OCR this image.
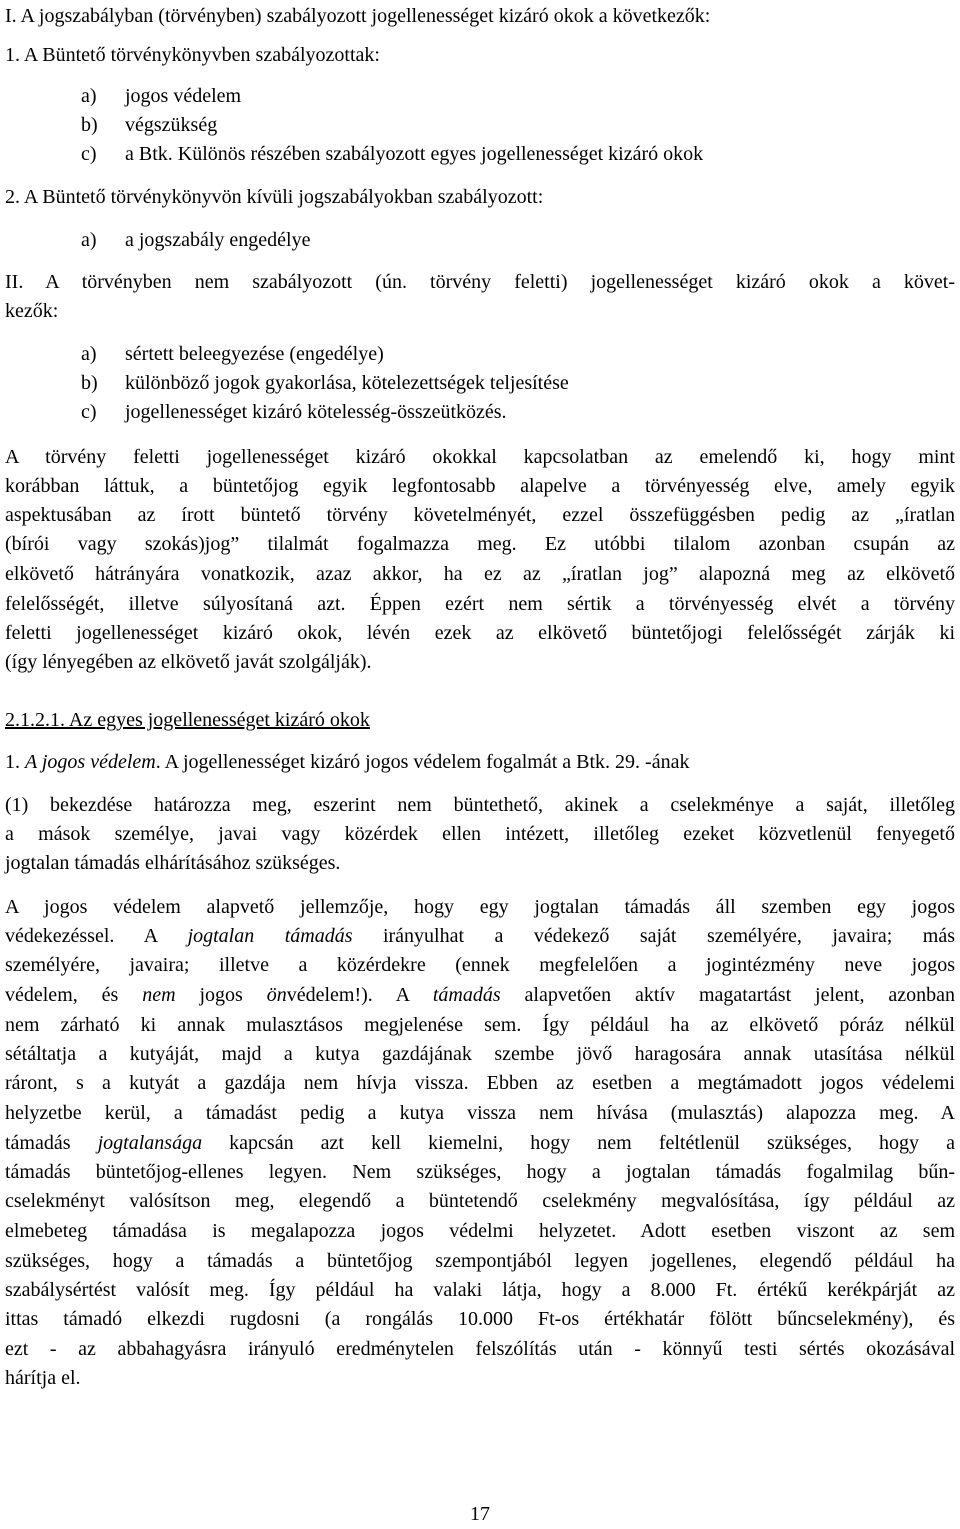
I. A jogszabályban (törvényben) szabályozott jogellenességet kizáró okok a következők:
1. A Büntető törvénykönyvben szabályozottak:
a) jogos védelem
b) végszükség
c) a Btk. Különös részében szabályozott egyes jogellenességet kizáró okok
2. A Büntető törvénykönyvön kívüli jogszabályokban szabályozott:
a) a jogszabály engedélye
II. A törvényben nem szabályozott (ún. törvény feletti) jogellenességet kizáró okok a követ-
kezők:
a) sértett beleegyezése (engedélye)
b) különböző jogok gyakorlása, kötelezettségek teljesítése
c) jogellenességet kizáró kötelesség-összeütközés.
A törvény feletti jogellenességet kizáró okokkal kapcsolatban az emelendő ki, hogy mint
korábban láttuk, a büntetőjog egyik legfontosabb alapelve a törvényesség elve, amely egyik
aspektusában az írott büntető törvény követelményét, ezzel összefüggésben pedig az „íratlan
(bírói vagy szokás)jog” tilalmát fogalmazza meg. Ez utóbbi tilalom azonban csupán az
elkövető hátrányára vonatkozik, azaz akkor, ha ez az „íratlan jog” alapozná meg az elkövető
felelősségét, illetve súlyosítaná azt. Éppen ezért nem sértik a törvényesség elvét a törvény
feletti jogellenességet kizáró okok, lévén ezek az elkövető büntetőjogi felelősségét zárják ki
(így lényegében az elkövető javát szolgálják).
2.1.2.1. Az egyes jogellenességet kizáró okok
1. A jogos védelem. A jogellenességet kizáró jogos védelem fogalmát a Btk. 29. -ának
(1) bekezdése határozza meg, eszerint nem büntethető, akinek a cselekménye a saját, illetőleg
a mások személye, javai vagy közérdek ellen intézett, illetőleg ezeket közvetlenül fenyegető
jogtalan támadás elhárításához szükséges.
A jogos védelem alapvető jellemzője, hogy egy jogtalan támadás áll szemben egy jogos
védekezéssel. A jogtalan támadás irányulhat a védekező saját személyére, javaira; más
személyére, javaira; illetve a közérdekre (ennek megfelelően a jogintézmény neve jogos
védelem, és nem jogos önvédelem!). A támadás alapvetően aktív magatartást jelent, azonban
nem zárható ki annak mulasztásos megjelenése sem. Így például ha az elkövető póráz nélkül
sétáltatja a kutyáját, majd a kutya gazdájának szembe jövő haragosára annak utasítása nélkül
ráront, s a kutyát a gazdája nem hívja vissza. Ebben az esetben a megtámadott jogos védelemi
helyzetbe kerül, a támadást pedig a kutya vissza nem hívása (mulasztás) alapozza meg. A
támadás jogtalansága kapcsán azt kell kiemelni, hogy nem feltétlenül szükséges, hogy a
támadás büntetőjog-ellenes legyen. Nem szükséges, hogy a jogtalan támadás fogalmilag bűn-
cselekményt valósítson meg, elegendő a büntetendő cselekmény megvalósítása, így például az
elmebeteg támadása is megalapozza jogos védelmi helyzetet. Adott esetben viszont az sem
szükséges, hogy a támadás a büntetőjog szempontjából legyen jogellenes, elegendő például ha
szabálysértést valósít meg. Így például ha valaki látja, hogy a 8.000 Ft. értékű kerékpárját az
ittas támadó elkezdi rugdosni (a rongálás 10.000 Ft-os értékhatár fölött bűncselekmény), és
ezt - az abbahagyásra irányuló eredménytelen felszólítás után - könnyű testi sértés okozásával
hárítja el.
17
